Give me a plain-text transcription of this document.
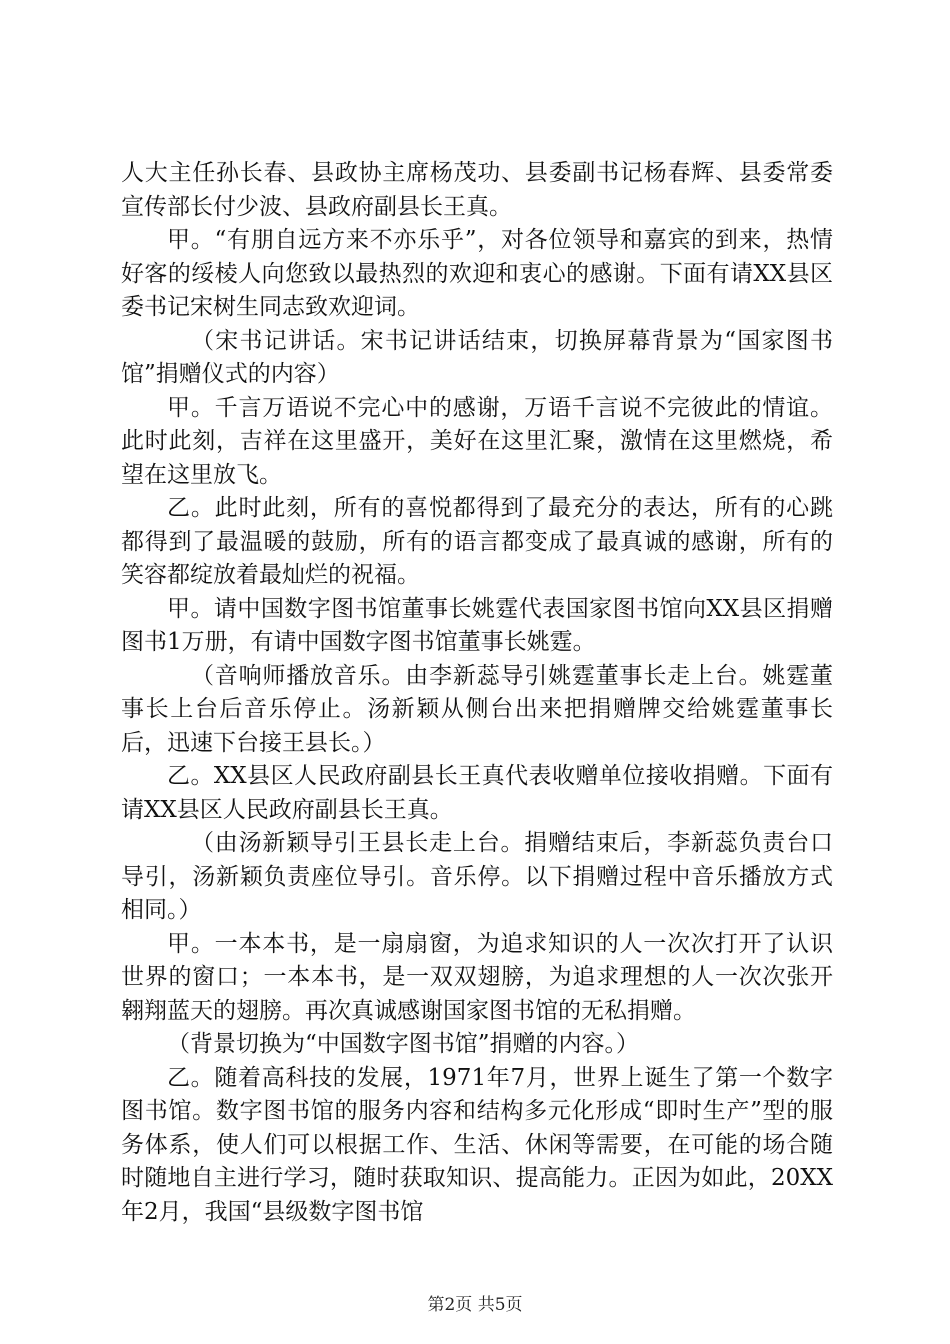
人大主任孙长春、县政协主席杨茂功、县委副书记杨春辉、县委常委宣传部长付少波、县政府副县长王真。

甲。“有朋自远方来不亦乐乎”，对各位领导和嘉宾的到来，热情好客的绥棱人向您致以最热烈的欢迎和衷心的感谢。下面有请XX县区委书记宋树生同志致欢迎词。

（宋书记讲话。宋书记讲话结束，切换屏幕背景为“国家图书馆”捐赠仪式的内容）

甲。千言万语说不完心中的感谢，万语千言说不完彼此的情谊。此时此刻，吉祥在这里盛开，美好在这里汇聚，激情在这里燃烧，希望在这里放飞。

乙。此时此刻，所有的喜悦都得到了最充分的表达，所有的心跳都得到了最温暖的鼓励，所有的语言都变成了最真诚的感谢，所有的笑容都绽放着最灿烂的祝福。

甲。请中国数字图书馆董事长姚霆代表国家图书馆向XX县区捐赠图书1万册，有请中国数字图书馆董事长姚霆。

（音响师播放音乐。由李新蕊导引姚霆董事长走上台。姚霆董事长上台后音乐停止。汤新颖从侧台出来把捐赠牌交给姚霆董事长后，迅速下台接王县长。）

乙。XX县区人民政府副县长王真代表收赠单位接收捐赠。下面有请XX县区人民政府副县长王真。

（由汤新颖导引王县长走上台。捐赠结束后，李新蕊负责台口导引，汤新颖负责座位导引。音乐停。以下捐赠过程中音乐播放方式相同。）

甲。一本本书，是一扇扇窗，为追求知识的人一次次打开了认识世界的窗口；一本本书，是一双双翅膀，为追求理想的人一次次张开翱翔蓝天的翅膀。再次真诚感谢国家图书馆的无私捐赠。

（背景切换为“中国数字图书馆”捐赠的内容。）

乙。随着高科技的发展，1971年7月，世界上诞生了第一个数字图书馆。数字图书馆的服务内容和结构多元化形成“即时生产”型的服务体系，使人们可以根据工作、生活、休闲等需要，在可能的场合随时随地自主进行学习，随时获取知识、提高能力。正因为如此，20XX年2月，我国“县级数字图书馆

第2页 共5页
